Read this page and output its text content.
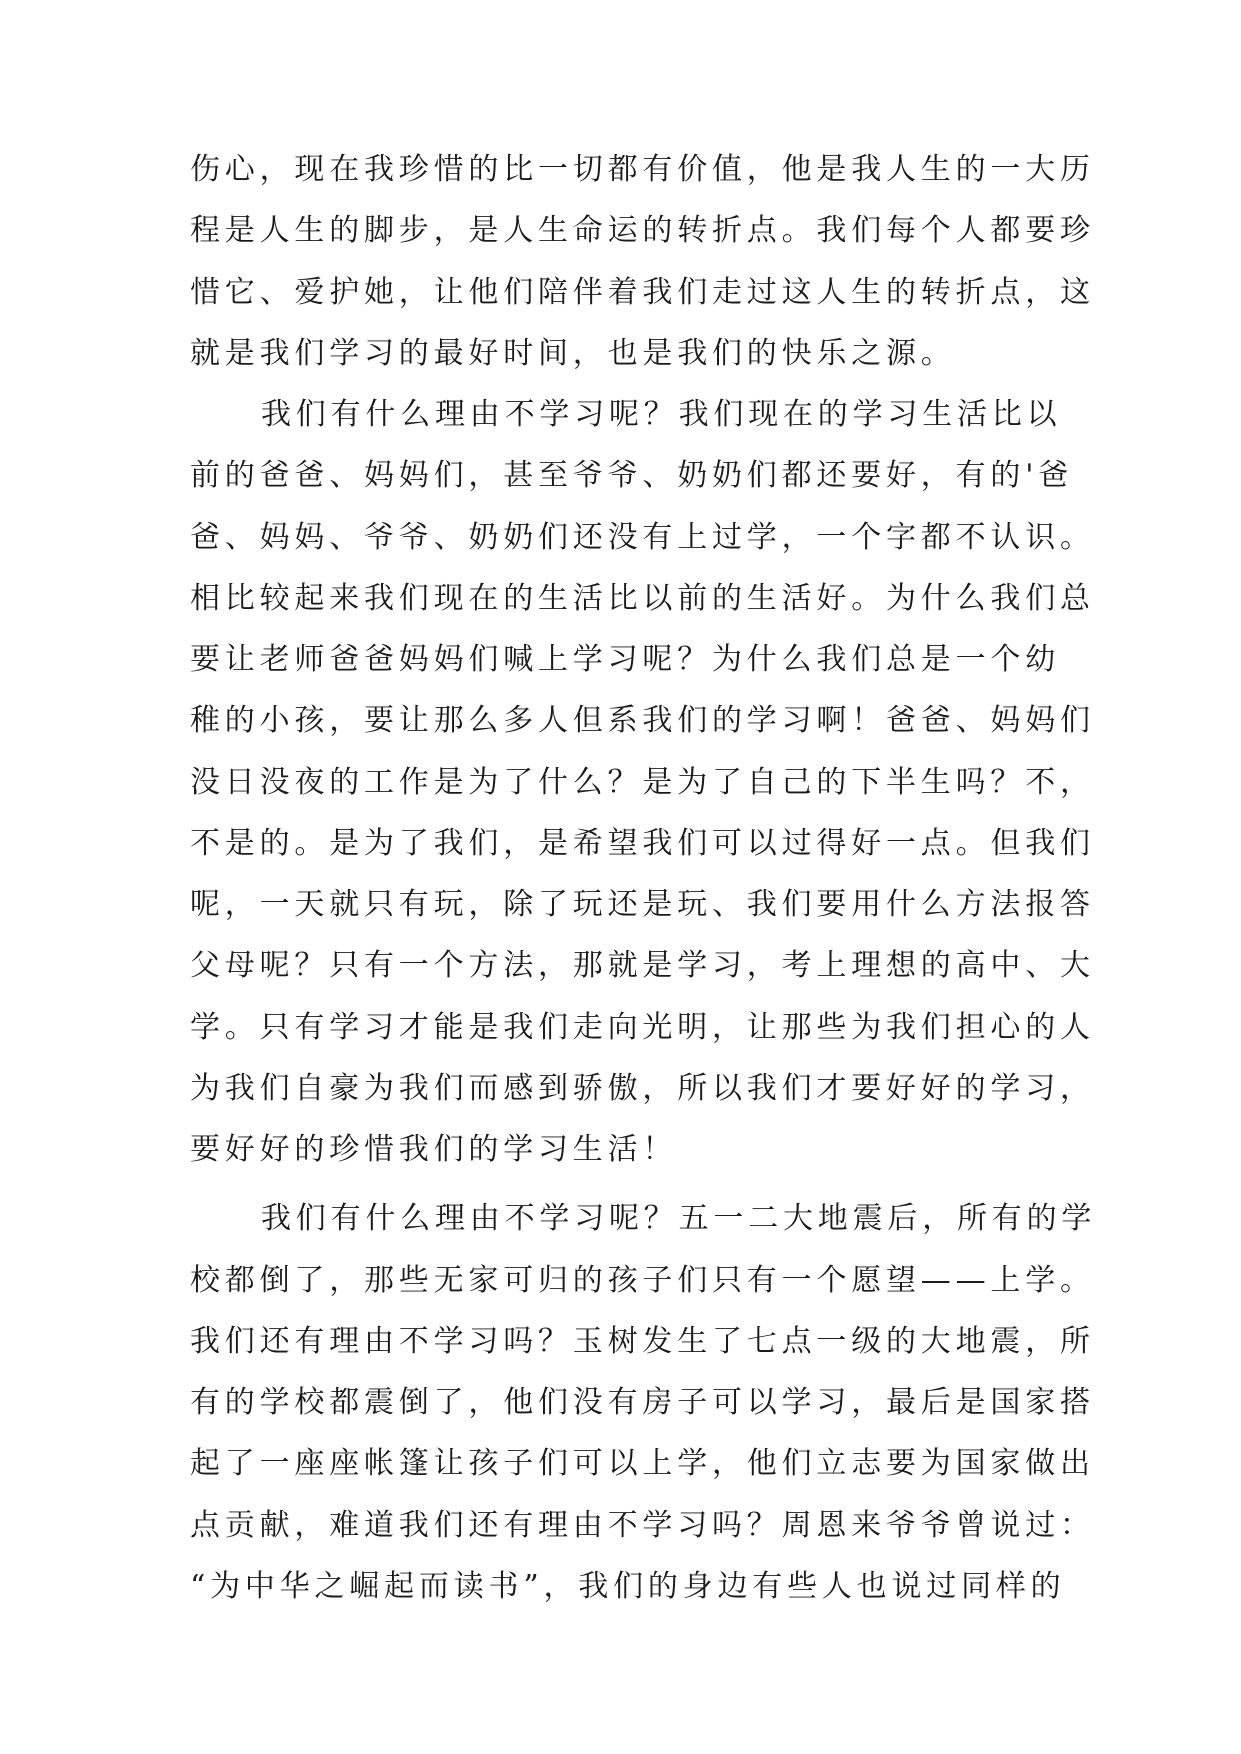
伤心，现在我珍惜的比一切都有价值，他是我人生的一大历
程是人生的脚步，是人生命运的转折点。我们每个人都要珍
惜它、爱护她，让他们陪伴着我们走过这人生的转折点，这
就是我们学习的最好时间，也是我们的快乐之源。
我们有什么理由不学习呢？我们现在的学习生活比以
前的爸爸、妈妈们，甚至爷爷、奶奶们都还要好，有的'爸
爸、妈妈、爷爷、奶奶们还没有上过学，一个字都不认识。
相比较起来我们现在的生活比以前的生活好。为什么我们总
要让老师爸爸妈妈们喊上学习呢？为什么我们总是一个幼
稚的小孩，要让那么多人但系我们的学习啊！爸爸、妈妈们
没日没夜的工作是为了什么？是为了自己的下半生吗？不，
不是的。是为了我们，是希望我们可以过得好一点。但我们
呢，一天就只有玩，除了玩还是玩、我们要用什么方法报答
父母呢？只有一个方法，那就是学习，考上理想的高中、大
学。只有学习才能是我们走向光明，让那些为我们担心的人
为我们自豪为我们而感到骄傲，所以我们才要好好的学习，
要好好的珍惜我们的学习生活！
我们有什么理由不学习呢？五一二大地震后，所有的学
校都倒了，那些无家可归的孩子们只有一个愿望——上学。
我们还有理由不学习吗？玉树发生了七点一级的大地震，所
有的学校都震倒了，他们没有房子可以学习，最后是国家搭
起了一座座帐篷让孩子们可以上学，他们立志要为国家做出
点贡献，难道我们还有理由不学习吗？周恩来爷爷曾说过：
“为中华之崛起而读书”，我们的身边有些人也说过同样的
